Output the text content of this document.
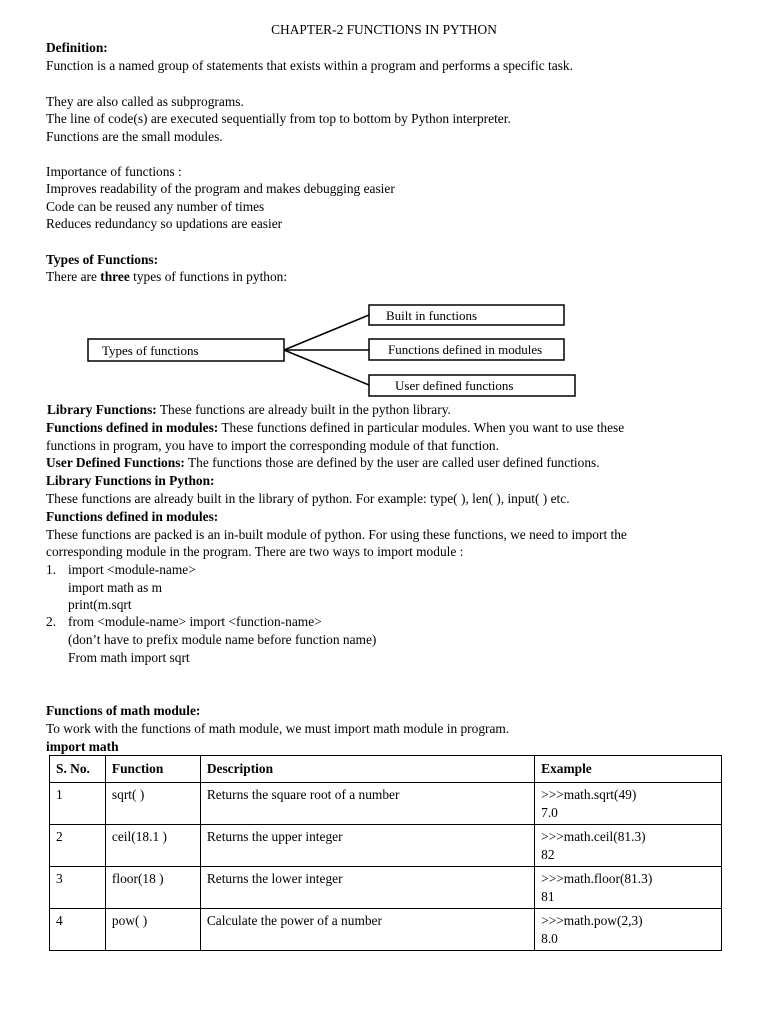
CHAPTER-2 FUNCTIONS IN PYTHON
Definition:
Function is a named group of statements that exists within a program and performs a specific task.
They are also called as subprograms.
The line of code(s) are executed sequentially from top to bottom by Python interpreter.
Functions are the small modules.
Importance of functions :
Improves readability of the program and makes debugging easier
Code can be reused any number of times
Reduces redundancy so updations are easier
Types of Functions:
There are three types of functions in python:
Types of functions
Built in functions
Functions defined in modules
User defined functions
Library Functions: These functions are already built in the python library.
Functions defined in modules: These functions defined in particular modules. When you want to use these
functions in program, you have to import the corresponding module of that function.
User Defined Functions: The functions those are defined by the user are called user defined functions.
Library Functions in Python:
These functions are already built in the library of python. For example: type( ), len( ), input( ) etc.
Functions defined in modules:
These functions are packed is an in-built module of python. For using these functions, we need to import the
corresponding module in the program. There are two ways to import module :
1. import <module-name>
import math as m
print(m.sqrt
2. from <module-name> import <function-name>
(don’t have to prefix module name before function name)
From math import sqrt
Functions of math module:
To work with the functions of math module, we must import math module in program.
import math
S. No.	Function	Description	Example
1	sqrt( )	Returns the square root of a number	>>>math.sqrt(49)
7.0

2	ceil(18.1 )	Returns the upper integer	>>>math.ceil(81.3)
82

3	floor(18 )	Returns the lower integer	>>>math.floor(81.3)
81

4	pow( )	Calculate the power of a number	>>>math.pow(2,3)
8.0
